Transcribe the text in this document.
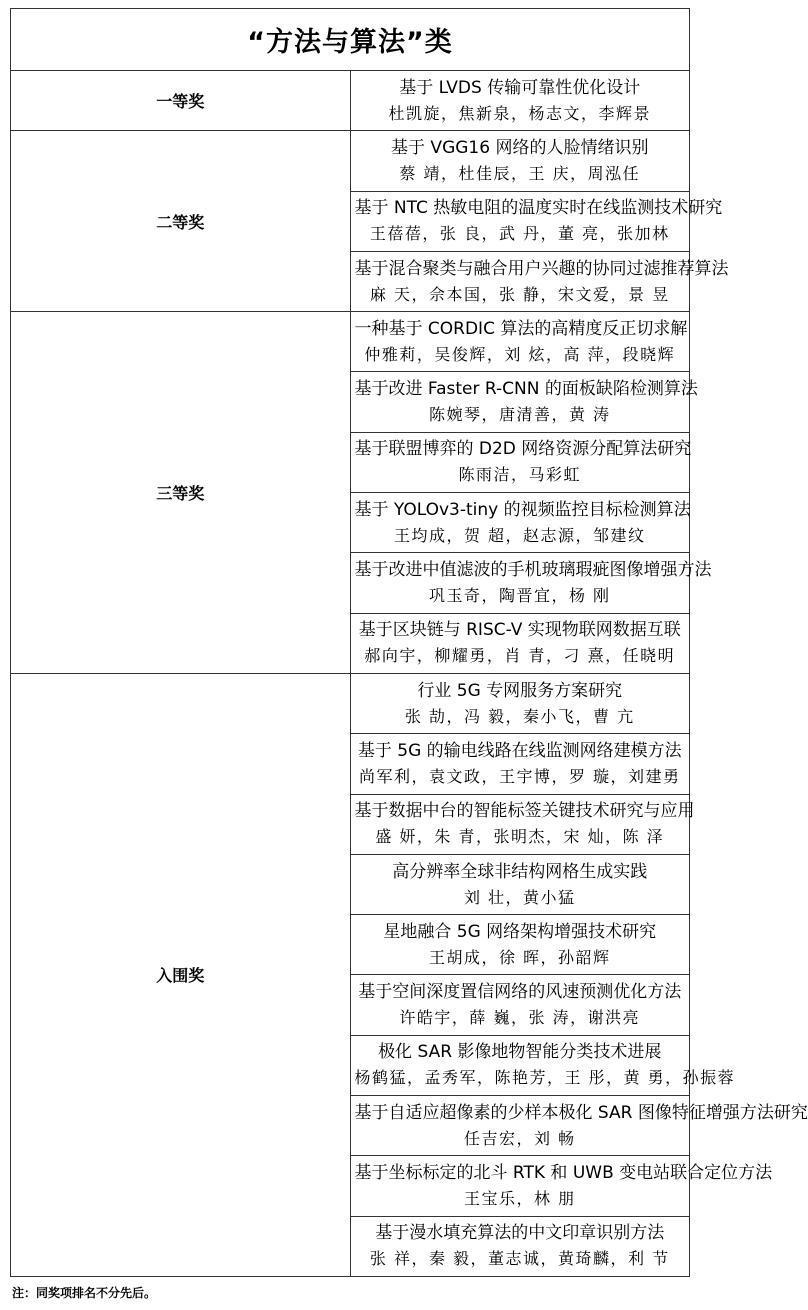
“方法与算法”类	
一等奖	基于 LVDS 传输可靠性优化设计
杜凯旋，焦新泉，杨志文，李辉景

二等奖	基于 VGG16 网络的人脸情绪识别
蔡 靖，杜佳辰，王 庆，周泓任

	基于 NTC 热敏电阻的温度实时在线监测技术研究
王蓓蓓，张 良，武 丹，董 亮，张加林

	基于混合聚类与融合用户兴趣的协同过滤推荐算法
麻 天，佘本国，张 静，宋文爱，景 昱

三等奖	一种基于 CORDIC 算法的高精度反正切求解
仲雅莉，吴俊辉，刘 炫，高 萍，段晓辉

	基于改进 Faster R-CNN 的面板缺陷检测算法
陈婉琴，唐清善，黄 涛

	基于联盟博弈的 D2D 网络资源分配算法研究
陈雨洁，马彩虹

	基于 YOLOv3-tiny 的视频监控目标检测算法
王均成，贺 超，赵志源，邹建纹

	基于改进中值滤波的手机玻璃瑕疵图像增强方法
巩玉奇，陶晋宜，杨 刚

	基于区块链与 RISC-V 实现物联网数据互联
郝向宇，柳耀勇，肖 青，刁 熹，任晓明

入围奖	行业 5G 专网服务方案研究
张 劼，冯 毅，秦小飞，曹 亢

	基于 5G 的输电线路在线监测网络建模方法
尚军利，袁文政，王宇博，罗 璇，刘建勇

	基于数据中台的智能标签关键技术研究与应用
盛 妍，朱 青，张明杰，宋 灿，陈 泽

	高分辨率全球非结构网格生成实践
刘 壮，黄小猛

	星地融合 5G 网络架构增强技术研究
王胡成，徐 晖，孙韶辉

	基于空间深度置信网络的风速预测优化方法
许皓宇，薛 巍，张 涛，谢洪亮

	极化 SAR 影像地物智能分类技术进展
杨鹤猛，孟秀军，陈艳芳，王 彤，黄 勇，孙振蓉

	基于自适应超像素的少样本极化 SAR 图像特征增强方法研究
任吉宏，刘 畅

	基于坐标标定的北斗 RTK 和 UWB 变电站联合定位方法
王宝乐，林 朋

	基于漫水填充算法的中文印章识别方法
张 祥，秦 毅，董志诚，黄琦麟，利 节
注：同奖项排名不分先后。
